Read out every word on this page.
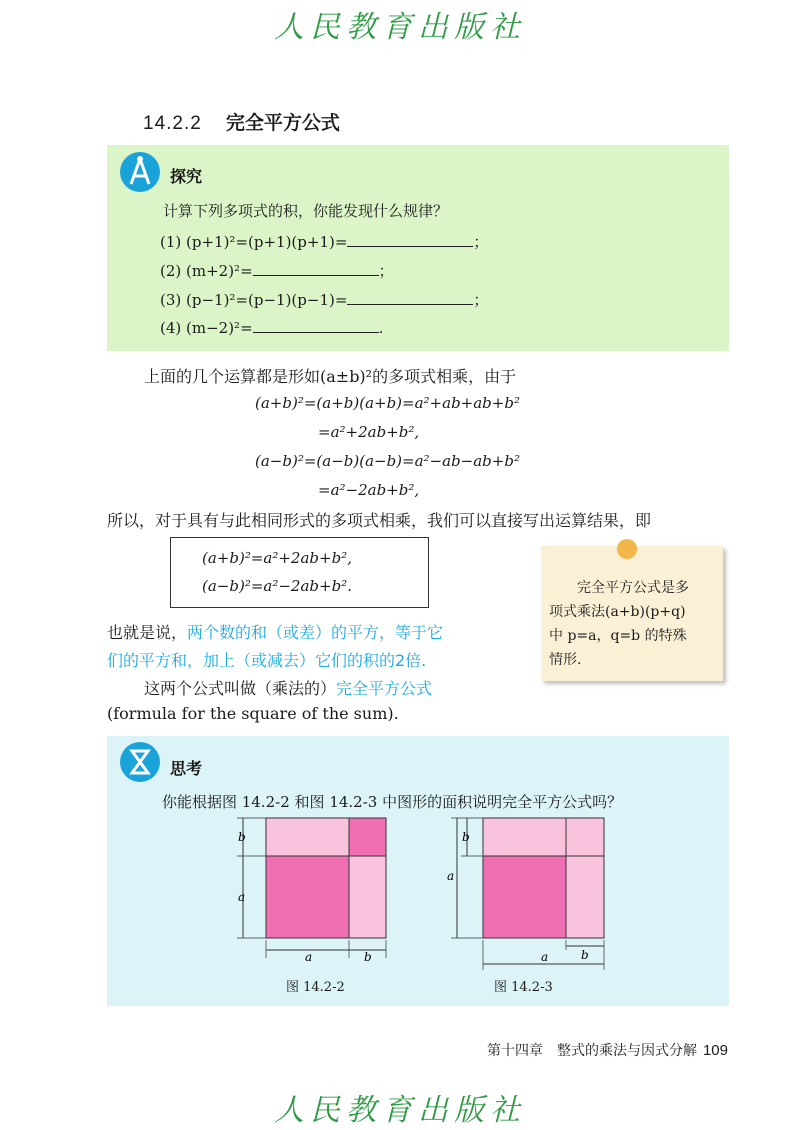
人民教育出版社
14.2.2 完全平方公式
探究
计算下列多项式的积，你能发现什么规律？
(1) (p+1)²=(p+1)(p+1)=	；
(2) (m+2)²=	；
(3) (p−1)²=(p−1)(p−1)=	；
(4) (m−2)²=	.
上面的几个运算都是形如(a±b)²的多项式相乘，由于
(a+b)²=(a+b)(a+b)=a²+ab+ab+b²
=a²+2ab+b²,
(a−b)²=(a−b)(a−b)=a²−ab−ab+b²
=a²−2ab+b²,
所以，对于具有与此相同形式的多项式相乘，我们可以直接写出运算结果，即
(a+b)²=a²+2ab+b²,
(a−b)²=a²−2ab+b².	完全平方公式是多
项式乘法(a+b)(p+q)
中 p=a，q=b 的特殊
情形.
也就是说，两个数的和（或差）的平方，等于它
们的平方和，加上（或减去）它们的积的2倍.
这两个公式叫做（乘法的）完全平方公式
(formula for the square of the sum).
思考
你能根据图 14.2-2 和图 14.2-3 中图形的面积说明完全平方公式吗？
b
a
a	b
图 14.2-2
b
a
b
a
图 14.2-3
第十四章　整式的乘法与因式分解 109
人民教育出版社
